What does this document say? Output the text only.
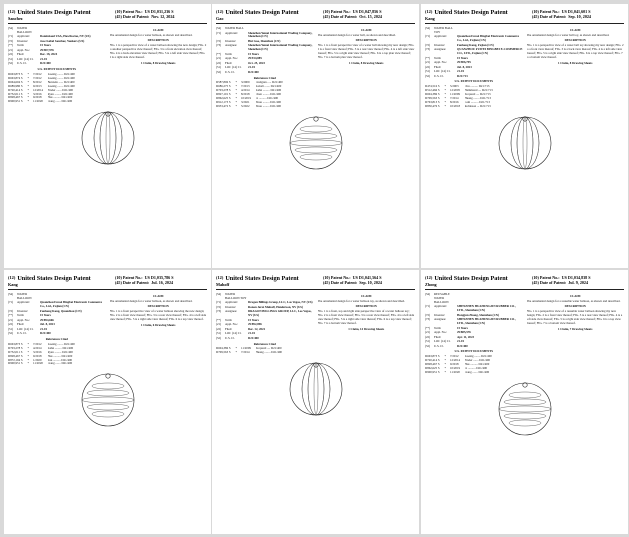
(12) United States Design Patent
Sanchez
(10) Patent No.: US D1,031,236 S
(45) Date of Patent: Nov. 12, 2024
(54)	WATER BALLOON
(71)	Applicant:	Dominisoul USA, Hawthorne, NY (US)
(72)	Inventor:	Jose Isabel Sanchez, Yonkers (US)
(**)	Term:	15 Years
(21)	Appl. No.:	29/907,976
(22)	Filed:	Dec. 18, 2024
(51)	LOC (14) Cl.	21-01
(52)	U.S. Cl.	D21/400
U.S. PATENT DOCUMENTS
D663,873 S	*	7/2012	Koenig ........ D21/400
D663,874 S	*	7/2012	Koenig ........ D21/400
D664,604 S	*	8/2012	Burstein ...... D21/400
D689,980 S	*	9/2013	Koenig ........ D21/400
D720,414 S	*	12/2014	Pinder ....... D21/400
D752,011 S	*	3/2016	Ryan ......... D21/400
D828,467 S	*	9/2018	Hsu .......... D21/400
D900,951 S	*	11/2020	Liang ....... D21/400
CLAIM

The ornamental design for a water balloon, as shown and described.

DESCRIPTION

FIG. 1 is a perspective view of a water balloon showing the new design; FIG. 2 is another perspective view thereof; FIG. 3 is a front elevation view thereof; FIG. 4 is a back elevation view thereof; FIG. 5 is a left side view thereof; FIG. 6 is a right side view thereof.

1 Claim, 8 Drawing Sheets
(12) United States Design Patent
Gao
(10) Patent No.: US D1,047,856 S
(45) Date of Patent: Oct. 15, 2024
(54)	WATER BALL
(71)	Applicant:	Shenzhen Yemei International Trading Company, Shenzhen (CN)
(72)	Inventor:	Hui Gao, Shenzhen (CN)
(73)	Assignee:	Shenzhen Yemei International Trading Company, Shenzhen (CN)
(**)	Term:	15 Years
(21)	Appl. No.:	29/914,885
(22)	Filed:	Oct. 25, 2023
(51)	LOC (14) Cl.	21-01
(52)	U.S. Cl.	D21/400
References Cited
D587,806 S	*	3/2009	Lindgren ..... D21/400
D686,275 S	*	7/2013	Kobelt ....... D21/400
D703,278 S	*	4/2014	Kahn ......... D21/400
D827,101 S	*	8/2018	Chen ......... D21/400
D862,625 S	*	10/2019	Li .......... D21/400
D912,173 S	*	3/2021	Zhou ......... D21/400
D953,472 S	*	5/2022	Zhou ......... D21/400
CLAIM

The ornamental design for a water ball, as shown and described.

DESCRIPTION

FIG. 1 is a front perspective view of a water ball showing my new design; FIG. 2 is a front view thereof; FIG. 3 is a rear view thereof; FIG. 4 is a left side view thereof; FIG. 5 is a right side view thereof; FIG. 6 is a top plan view thereof; FIG. 7 is a bottom plan view thereof.

1 Claim, 8 Drawing Sheets
(12) United States Design Patent
Kang
(10) Patent No.: US D1,041,601 S
(45) Date of Patent: Sep. 10, 2024
(54)	WATER BALL TOY
(71)	Applicant:	Quanzhou Fuwei Bingbei Electronic Commerce Co., Ltd., Fujian (CN)
(72)	Inventor:	Fanhong Kang, Fujian (CN)
(73)	Assignee:	QUANZHOU FUWEI BINGBEI E-COMMERCE CO., LTD., Fujian (CN)
(**)	Term:	15 Years
(21)	Appl. No.:	29/906,795
(22)	Filed:	Jul. 8, 2023
(51)	LOC (14) Cl.	21-01
(52)	U.S. Cl.	D21/713
U.S. PATENT DOCUMENTS
D474,516 S	*	5/2003	Chu .......... D21/713
D512,466 S	*	12/2005	Hammond .... D21/713
D604,386 S	*	11/2009	Jacquard .... D21/713
D709,563 S	*	7/2014	Huang ........ D21/713
D763,813 S	*	8/2016	Lam .......... D21/713
D830,476 S	*	10/2018	Robinson ... D21/713
CLAIM

The ornamental design for a water ball toy, as shown and described.

DESCRIPTION

FIG. 1 is a perspective view of a water ball toy showing my new design; FIG. 2 is a front view thereof; FIG. 3 is a back view thereof; FIG. 4 is a left side view thereof; FIG. 5 is a right side view thereof; FIG. 6 is a top view thereof; FIG. 7 is a bottom view thereof.

1 Claim, 8 Drawing Sheets
(12) United States Design Patent
Kang
(10) Patent No.: US D1,035,786 S
(45) Date of Patent: Jul. 16, 2024
(54)	WATER BALLOON
(71)	Applicant:	Quanzhou Fuwei Bingbei Electronic Commerce Co., Ltd., Fujian (CN)
(72)	Inventor:	Fanhong Kang, Quanzhou (CN)
(**)	Term:	15 Years
(21)	Appl. No.:	29/894,666
(22)	Filed:	Jul. 8, 2023
(51)	LOC (14) Cl.	21-01
(52)	U.S. Cl.	D21/400
References Cited
D663,873 S	*	7/2012	Koenig ........ D21/400
D703,278 S	*	4/2014	Kahn ......... D21/400
D752,011 S	*	3/2016	Ryan ......... D21/400
D828,467 S	*	9/2018	Hsu .......... D21/400
D872,194 S	*	1/2020	Sun .......... D21/400
D900,951 S	*	11/2020	Liang ....... D21/400
CLAIM

The ornamental design for a water balloon, as shown and described.

DESCRIPTION

FIG. 1 is a front perspective view of a water balloon showing the new design; FIG. 2 is a front view thereof; FIG. 3 is a rear view thereof; FIG. 4 is a left side view thereof; FIG. 5 is a right side view thereof; FIG. 6 is a top view thereof.

1 Claim, 6 Drawing Sheets
(12) United States Design Patent
Mahoff
(10) Patent No.: US D1,041,564 S
(45) Date of Patent: Sep. 10, 2024
(54)	WATER BALLOON TOY
(71)	Applicant:	Dragon Billings Group, LLC, Las Vegas, NV (US)
(72)	Inventor:	Ronan Jerez Mahoff, Henderson, NV (US)
(73)	Assignee:	DRAGON BILLINGS GROUP, LLC, Las Vegas, NV (US)
(**)	Term:	15 Years
(21)	Appl. No.:	29/892,896
(22)	Filed:	Dec. 12, 2022
(51)	LOC (14) Cl.	21-01
(52)	U.S. Cl.	D21/400
References Cited
D604,386 S	*	11/2009	Jacquard .... D21/400
D709,563 S	*	7/2014	Huang ........ D21/400
CLAIM

The ornamental design for a water balloon toy, as shown and described.

DESCRIPTION

FIG. 1 is a front, top and right side perspective view of a water balloon toy; FIG. 2 is a front view thereof; FIG. 3 is a rear view thereof; FIG. 4 is a left side view thereof; FIG. 5 is a right side view thereof; FIG. 6 is a top view thereof; FIG. 7 is a bottom view thereof.

1 Claim, 14 Drawing Sheets
(12) United States Design Patent
Zhong
(10) Patent No.: US D1,034,838 S
(45) Date of Patent: Jul. 9, 2024
(54)	REUSABLE WATER BALLOON
(71)	Applicant:	SHENZHEN HUAHUNGJIN RUBBER CO., LTD., Shenzhen (CN)
(72)	Inventor:	Hongjun Zhong, Shenzhen (CN)
(73)	Assignee:	SHENZHEN HUAHUNGJIN RUBBER CO., LTD., Shenzhen (CN)
(**)	Term:	15 Years
(21)	Appl. No.:	29/885,576
(22)	Filed:	Apr. 11, 2023
(51)	LOC (14) Cl.	21-01
(52)	U.S. Cl.	D21/400
U.S. PATENT DOCUMENTS
D663,873 S	*	7/2012	Koenig ........ D21/400
D720,414 S	*	12/2014	Pinder ....... D21/400
D828,467 S	*	9/2018	Hsu .......... D21/400
D862,625 S	*	10/2019	Li .......... D21/400
D900,951 S	*	11/2020	Liang ....... D21/400
CLAIM

The ornamental design for a reusable water balloon, as shown and described.

DESCRIPTION

FIG. 1 is a perspective view of a reusable water balloon showing my new design; FIG. 2 is a front view thereof; FIG. 3 is a rear view thereof; FIG. 4 is a left side view thereof; FIG. 5 is a right side view thereof; FIG. 6 is a top view thereof; FIG. 7 is a bottom view thereof.

1 Claim, 7 Drawing Sheets
